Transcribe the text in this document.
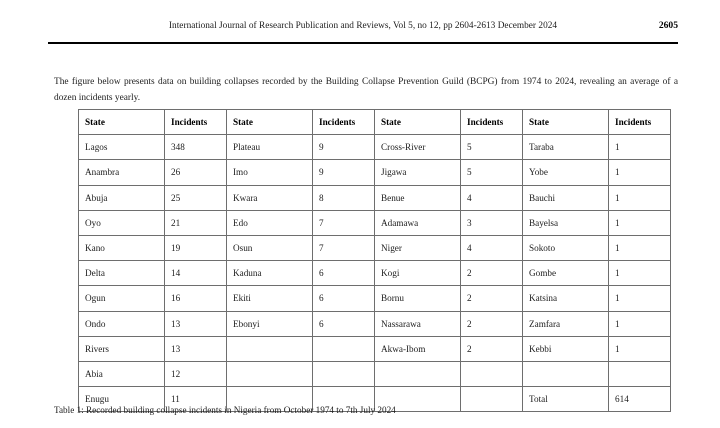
International Journal of Research Publication and Reviews, Vol 5, no 12, pp 2604-2613 December 2024	2605

The figure below presents data on building collapses recorded by the Building Collapse Prevention Guild (BCPG) from 1974 to 2024, revealing an average of a dozen incidents yearly.

State	Incidents	State	Incidents	State	Incidents	State	Incidents
Lagos	348	Plateau	9	Cross-River	5	Taraba	1
Anambra	26	Imo	9	Jigawa	5	Yobe	1
Abuja	25	Kwara	8	Benue	4	Bauchi	1
Oyo	21	Edo	7	Adamawa	3	Bayelsa	1
Kano	19	Osun	7	Niger	4	Sokoto	1
Delta	14	Kaduna	6	Kogi	2	Gombe	1
Ogun	16	Ekiti	6	Bornu	2	Katsina	1
Ondo	13	Ebonyi	6	Nassarawa	2	Zamfara	1
Rivers	13			Akwa-Ibom	2	Kebbi	1
Abia	12						
Enugu	11					Total	614
Table 1: Recorded building collapse incidents in Nigeria from October 1974 to 7th July 2024
